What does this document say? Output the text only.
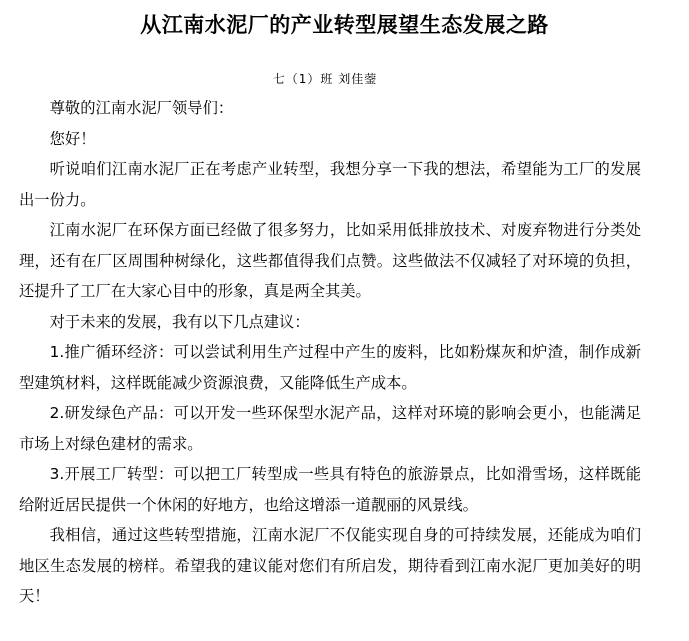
从江南水泥厂的产业转型展望生态发展之路
七（1）班 刘佳蓥

尊敬的江南水泥厂领导们：

您好！

听说咱们江南水泥厂正在考虑产业转型，我想分享一下我的想法，希望能为工厂的发展出一份力。

江南水泥厂在环保方面已经做了很多努力，比如采用低排放技术、对废弃物进行分类处理，还有在厂区周围种树绿化，这些都值得我们点赞。这些做法不仅减轻了对环境的负担，还提升了工厂在大家心目中的形象，真是两全其美。

对于未来的发展，我有以下几点建议：

1.推广循环经济：可以尝试利用生产过程中产生的废料，比如粉煤灰和炉渣，制作成新型建筑材料，这样既能减少资源浪费，又能降低生产成本。

2.研发绿色产品：可以开发一些环保型水泥产品，这样对环境的影响会更小，也能满足市场上对绿色建材的需求。

3.开展工厂转型：可以把工厂转型成一些具有特色的旅游景点，比如滑雪场，这样既能给附近居民提供一个休闲的好地方，也给这增添一道靓丽的风景线。

我相信，通过这些转型措施，江南水泥厂不仅能实现自身的可持续发展，还能成为咱们地区生态发展的榜样。希望我的建议能对您们有所启发，期待看到江南水泥厂更加美好的明天！
